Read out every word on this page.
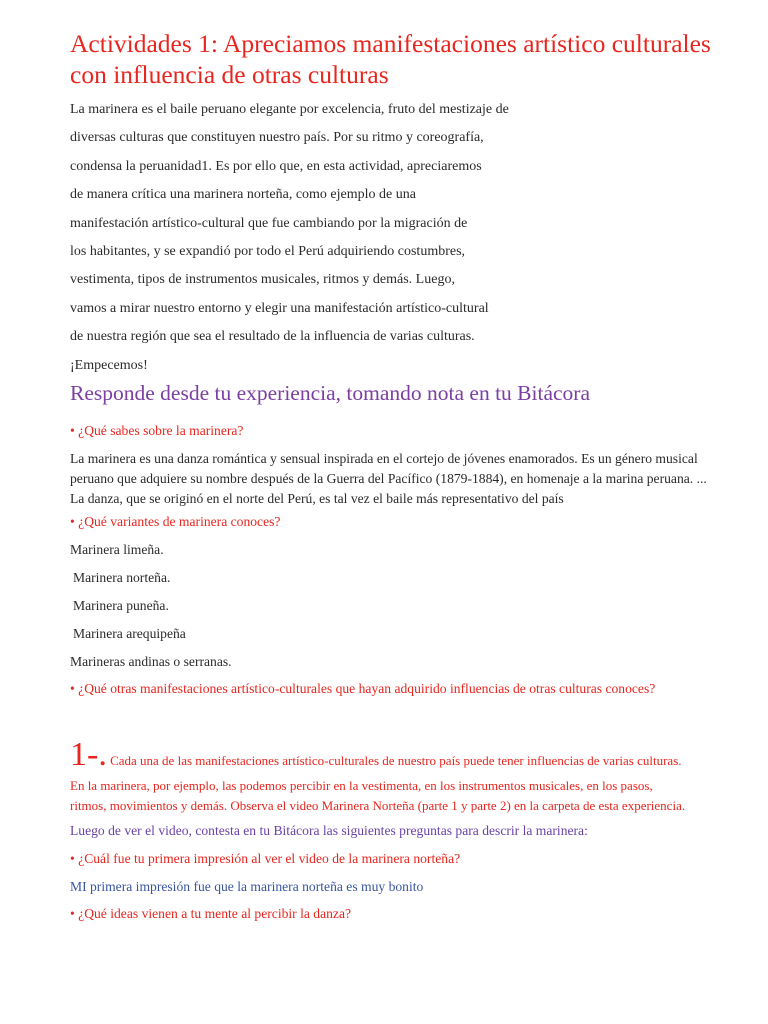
Actividades 1: Apreciamos manifestaciones artístico culturales
con influencia de otras culturas
La marinera es el baile peruano elegante por excelencia, fruto del mestizaje de
diversas culturas que constituyen nuestro país. Por su ritmo y coreografía,
condensa la peruanidad1. Es por ello que, en esta actividad, apreciaremos
de manera crítica una marinera norteña, como ejemplo de una
manifestación artístico-cultural que fue cambiando por la migración de
los habitantes, y se expandió por todo el Perú adquiriendo costumbres,
vestimenta, tipos de instrumentos musicales, ritmos y demás. Luego,
vamos a mirar nuestro entorno y elegir una manifestación artístico-cultural
de nuestra región que sea el resultado de la influencia de varias culturas.
¡Empecemos!
Responde desde tu experiencia, tomando nota en tu Bitácora
• ¿Qué sabes sobre la marinera?
La marinera es una danza romántica y sensual inspirada en el cortejo de jóvenes enamorados. Es un género musical
peruano que adquiere su nombre después de la Guerra del Pacífico (1879-1884), en homenaje a la marina peruana. ...
La danza, que se originó en el norte del Perú, es tal vez el baile más representativo del país
• ¿Qué variantes de marinera conoces?
Marinera limeña.
Marinera norteña.
Marinera puneña.
Marinera arequipeña
Marineras andinas o serranas.
• ¿Qué otras manifestaciones artístico-culturales que hayan adquirido influencias de otras culturas conoces?
1-. Cada una de las manifestaciones artístico-culturales de nuestro país puede tener influencias de varias culturas.
En la marinera, por ejemplo, las podemos percibir en la vestimenta, en los instrumentos musicales, en los pasos,
ritmos, movimientos y demás. Observa el video Marinera Norteña (parte 1 y parte 2) en la carpeta de esta experiencia.
Luego de ver el video, contesta en tu Bitácora las siguientes preguntas para descrir la marinera:
• ¿Cuál fue tu primera impresión al ver el video de la marinera norteña?
MI primera impresión fue que la marinera norteña es muy bonito
• ¿Qué ideas vienen a tu mente al percibir la danza?
